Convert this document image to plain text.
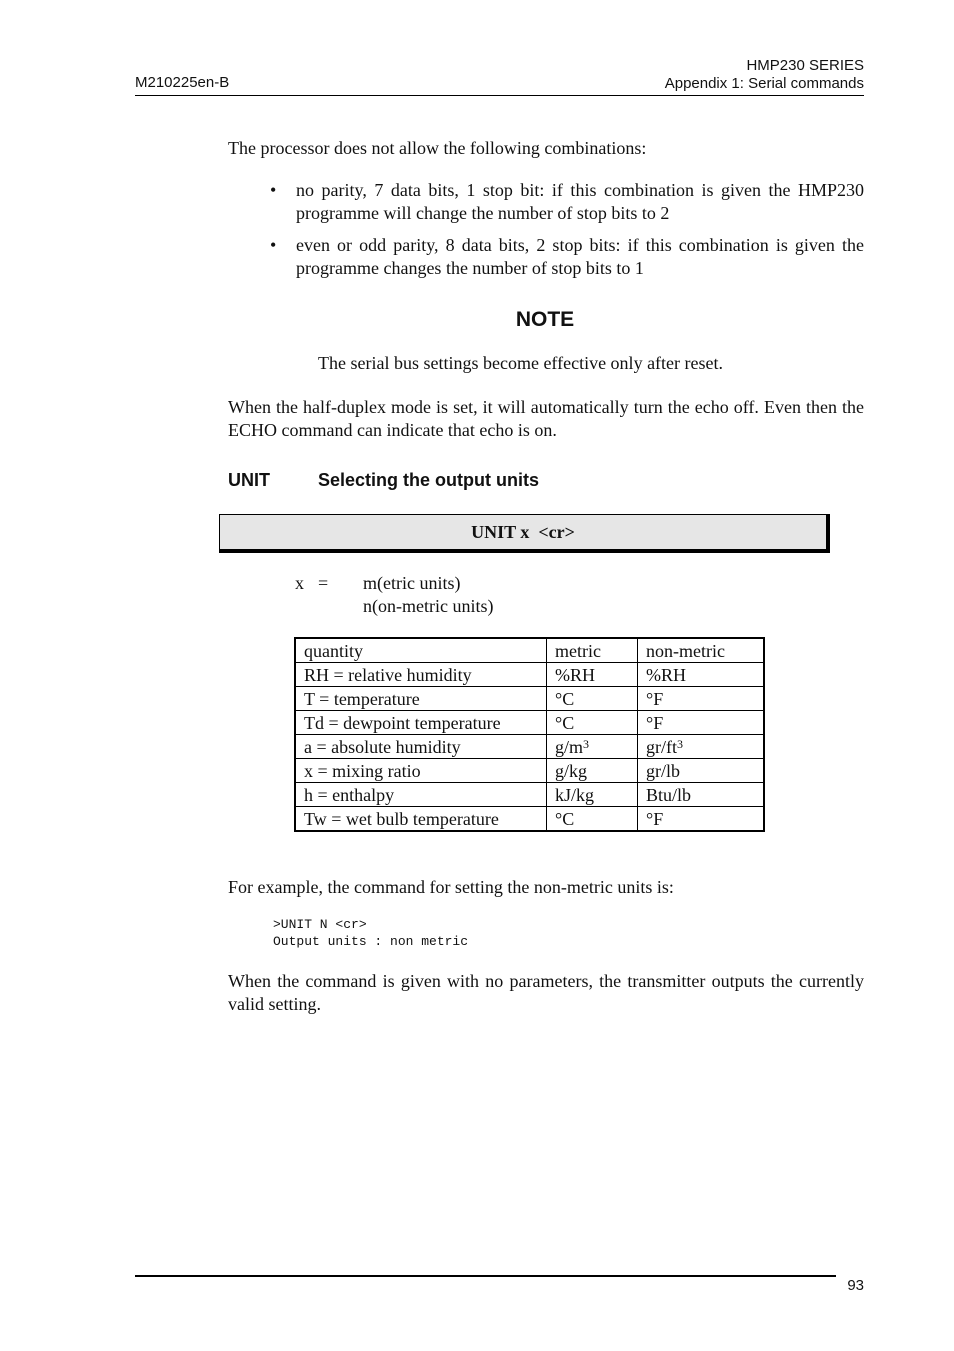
M210225en-B
HMP230 SERIES
Appendix 1: Serial commands
The processor does not allow the following combinations:
• no parity, 7 data bits, 1 stop bit: if this combination is given the HMP230 programme will change the number of stop bits to 2
• even or odd parity, 8 data bits, 2 stop bits: if this combination is given the programme changes the number of stop bits to 1
NOTE
The serial bus settings become effective only after reset.
When the half-duplex mode is set, it will automatically turn the echo off. Even then the ECHO command can indicate that echo is on.
UNIT	Selecting the output units
UNIT x  <cr>
x = m(etric units)
n(on-metric units)
quantity	metric	non-metric
RH = relative humidity	%RH	%RH
T = temperature	°C	°F
Td = dewpoint temperature	°C	°F
a = absolute humidity	$g/m^3$	$gr/ft^3$
x = mixing ratio	g/kg	gr/lb
h = enthalpy	kJ/kg	Btu/lb
Tw = wet bulb temperature	°C	°F
For example, the command for setting the non-metric units is:
>UNIT N <cr>
Output units : non metric
When the command is given with no parameters, the transmitter outputs the currently valid setting.
93
